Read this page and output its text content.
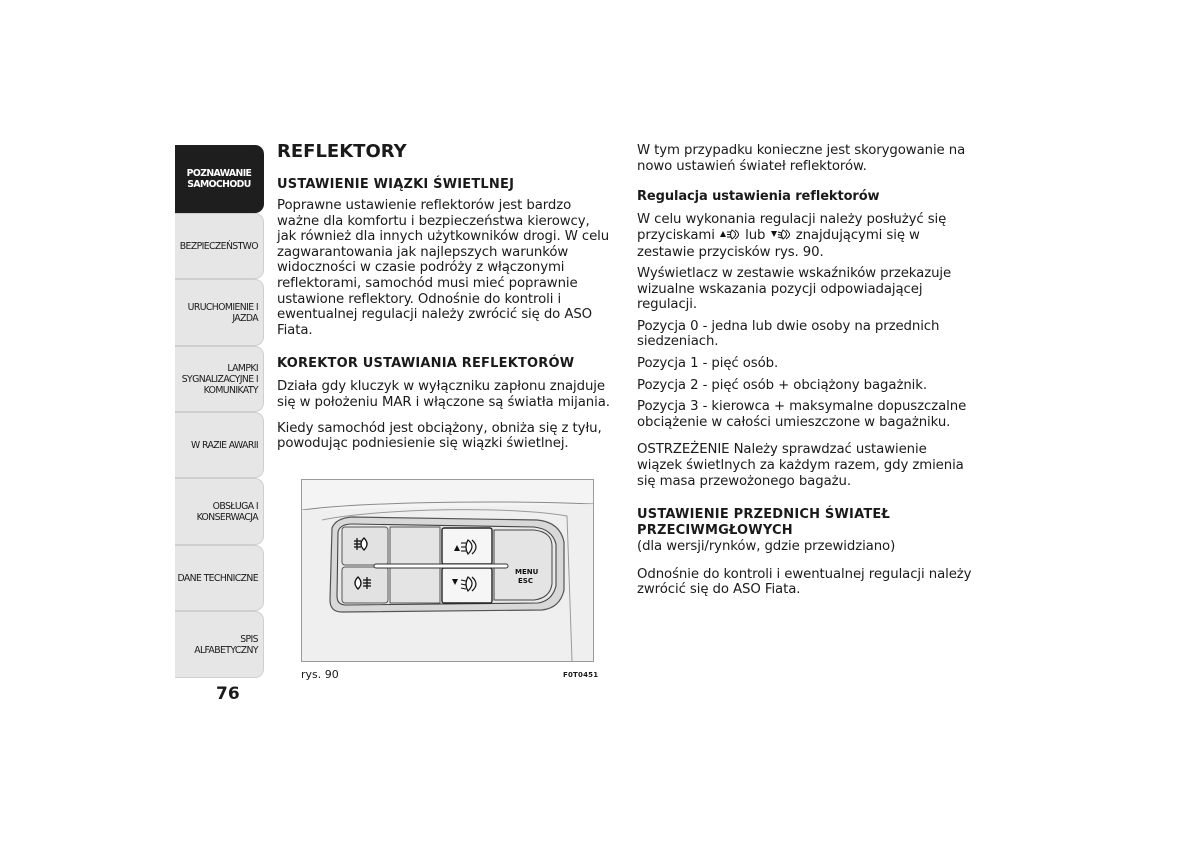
POZNAWANIE
SAMOCHODU
BEZPIECZEŃSTWO
URUCHOMIENIE I
JAZDA
LAMPKI
SYGNALIZACYJNE I
KOMUNIKATY
W RAZIE AWARII
OBSŁUGA I
KONSERWACJA
DANE TECHNICZNE
SPIS ALFABETYCZNY
76
REFLEKTORY
USTAWIENIE WIĄZKI ŚWIETLNEJ

Poprawne ustawienie reflektorów jest bardzo ważne dla komfortu i bezpieczeństwa kierowcy, jak również dla innych użytkowników drogi. W celu zagwarantowania jak najlepszych warunków widoczności w czasie podróży z włączonymi reflektorami, samochód musi mieć poprawnie ustawione reflektory. Odnośnie do kontroli i ewentualnej regulacji należy zwrócić się do ASO Fiata.

KOREKTOR USTAWIANIA REFLEKTORÓW

Działa gdy kluczyk w wyłączniku zapłonu znajduje się w położeniu MAR i włączone są światła mijania.

Kiedy samochód jest obciążony, obniża się z tyłu, powodując podniesienie się wiązki świetlnej.

MENU
ESC
rys. 90	F0T0451

W tym przypadku konieczne jest skorygowanie na nowo ustawień świateł reflektorów.

Regulacja ustawienia reflektorów

W celu wykonania regulacji należy posłużyć się przyciskami lub znajdującymi się w zestawie przycisków rys. 90.

Wyświetlacz w zestawie wskaźników przekazuje wizualne wskazania pozycji odpowiadającej regulacji.

Pozycja 0 - jedna lub dwie osoby na przednich siedzeniach.

Pozycja 1 - pięć osób.

Pozycja 2 - pięć osób + obciążony bagażnik.

Pozycja 3 - kierowca + maksymalne dopuszczalne obciążenie w całości umieszczone w bagażniku.

OSTRZEŻENIE Należy sprawdzać ustawienie wiązek świetlnych za każdym razem, gdy zmienia się masa przewożonego bagażu.

USTAWIENIE PRZEDNICH ŚWIATEŁ PRZECIWMGŁOWYCH

(dla wersji/rynków, gdzie przewidziano)

Odnośnie do kontroli i ewentualnej regulacji należy zwrócić się do ASO Fiata.
